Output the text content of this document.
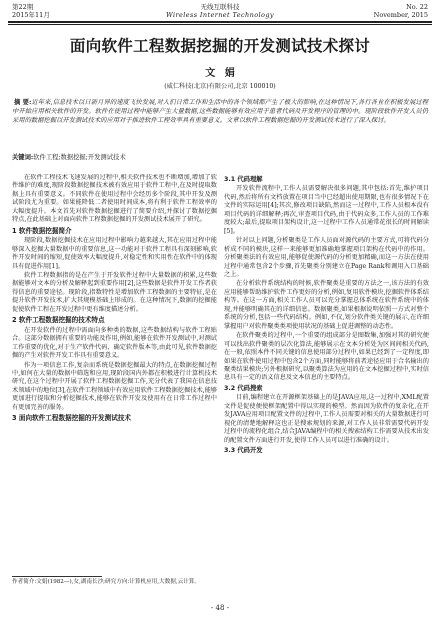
第22期
2015年11月
无线互联科技
Wireless Internet Technology
No. 22
November, 2015
面向软件工程数据挖掘的开发测试技术探讨
文 娟
(威仁科技(北京)有限公司,北京 100010)
摘 要:近年来,信息技术以日新月异的速度飞快发展,对人们日常工作和生活中的各个领域都产生了极大的影响,在这种情况下,各行各业在积极发展过程中开始应用相关软件的开发。软件在使用过程中能够产生大量数据,这些数据能够有效应用于患者代码及开发程序的管理的中。现阶段软件开发人员仍采用的数据挖掘以开发测试技术的应用对于推进软件工程效率具有重要意义。文章以软件工程数据挖掘的开发测试技术进行了深入探讨。
关键词:软件工程;数据挖掘;开发测试技术

在软件工程技术飞速发展的过程中,相关软件技术也不断增加,增加了软件维护的难度,现阶段数据挖掘技术被有效应用于软件工程中,在及时提取数据上具有重要意义。不同软件在使用过程中会经历多个阶段,其中开发及测试阶段尤为重要。如果能降低二者使用时间成本,将有利于软件工程效率的大幅度提升。本文首先对软件数据挖掘进行了简要介绍,并探讨了数据挖掘特点,在此基础上对面向软件工程数据挖掘的开发测试技术展开了研究。

1 软件数据挖掘简介

现阶段,数据挖掘技术在应用过程中影响力越来越大,其在应用过程中能够深入挖掘大量数据中的重要信息,这一功能对于软件工程具有深刻影响,软件开发时间的缩短,促使效率大幅度提升,对稳定性和实用性在软件中的体现具有促进作用[1]。

软件工程数据指的是在产生于开发软件过程中大量数据的积累,这些数据能够对文本的分析及解释起到重要作用[2],这些数据是软件开发工作者获得信息的重要途径。现阶段,指数特性是增加软件工程数据的主要特征,是在提升软件开发技术,扩大其规模基础上形成的。在这种情况下,数据的挖掘能促使软件工程在开发过程中更有维度描述分析。

2 软件工程数据挖掘的技术特点

在开发软件的过程中需面向多种类的数据,这些数据结构与软件工程贴合。这部分数据拥有重要的功能及作用,例如,能够在软件开发测试中,对测试工作重要的优化,对于生产软件代码、确定软件版本等,由此可见,软件数据挖掘的产生对软件开发工作具有重要意义。

作为一项信息工作,复杂而系统是数据挖掘最大的特点,在数据挖掘过程中,如何在大量的数据中筛选和应用,现阶段国内外都在积极进行计算机技术研究,在这个过程中开展了软件工程数据挖掘工作,充分代表了我国在信息技术领域中的地位[3],在软件工程领域中有效应用软件工程数据挖掘技术,能够更加进行提取和分析挖掘技术,能够在软件开发及使用有在日常工作过程中有更加完善的服务。

3 面向软件工程数据挖掘的开发测试技术
3.1 代码理解

开发软件流程中,工作人员需要解决很多问题,其中包括:首先,维护项目代码,然后将所有文档放置在项目当中已经超出使用期限,也有很多情况下在文件的实际运用[4];其次,修改项目缺陷,然而这一过程中,工作人员根本没有项目代码的详细解释;再次,审查项目代码,由于代码众多,工作人员的工作难度较大;最后,提取项目架构设计,这一过程中工作人员通常花很长的时间解读[5]。

针对以上问题,分析聚类是工作人员面对源代码的主要方式,可将代码分析成不同的模块,这样一来能够更加准确地掌握项目架构在代码中的作用。分析聚类法的有效应用,能够促使源代码的分析更加精确,而这一方法在使用过程中通常包含2个步骤,首先聚类分别建立在Page Rank和调用入口基础之上。

在分析软件系统结构的时候,软件聚类是重要的方法之一,该方法的有效应用能够帮助维护软件工作更好的分析,例如,复用软件模块,挖掘软件体系结构等。在这一方面,相关工作人员可以充分掌握总体系统在软件系统中的体现,并能够明确其在的详细信息。数据聚类,如果根据说明依照一方式对整个系统的分析,包括一些代码结构。例如,不仅,划分软件类关键的展示,在许细掌握用户对软件聚类类项使用状况的基础上促进调整的动态性。

在软件聚类的过程中,一个重要的组成部分是图数集,加强对其的研究便可以找出软件聚类的层次化算法,能够展示在文本分析处为区间间相关代码,在一般,依照本件不同关键的信息使用部分过程中,如果已经到了一定程度,即如果在软件使用过程中包含2个方面,同时能够将前者途径应用于合名输出的聚类结果模块;另外根据研究,以聚类算法为应用的在文本挖掘过程中,实时信息具有一定的语义信息及文本信息的主要特点。

3.2 代码搜索

目前,编程建立在开源框架基础上的是JAVA应用,这一过程中,XML配置文件是促使便使框架配置中得以实现的模型。然而因为软件的复杂化,在开发JAVA应用项目配置文件的过程中,工作人员需要对相关的大量数据进行可视化的清楚地解释这也正是搜索规划的来源,对工作人员非常需要代码开发过程中的流程化组合,结合JAVA编程中的相关搜索结构工作需要从技术出发的配置文件方面进行开发,使得工作人员可以进行准确的设计。

3.3 代码开发
作者简介:文娟(1982—),女,湖南长沙;研究方向:计算机应用,大数据,云计算。
- 48 -
